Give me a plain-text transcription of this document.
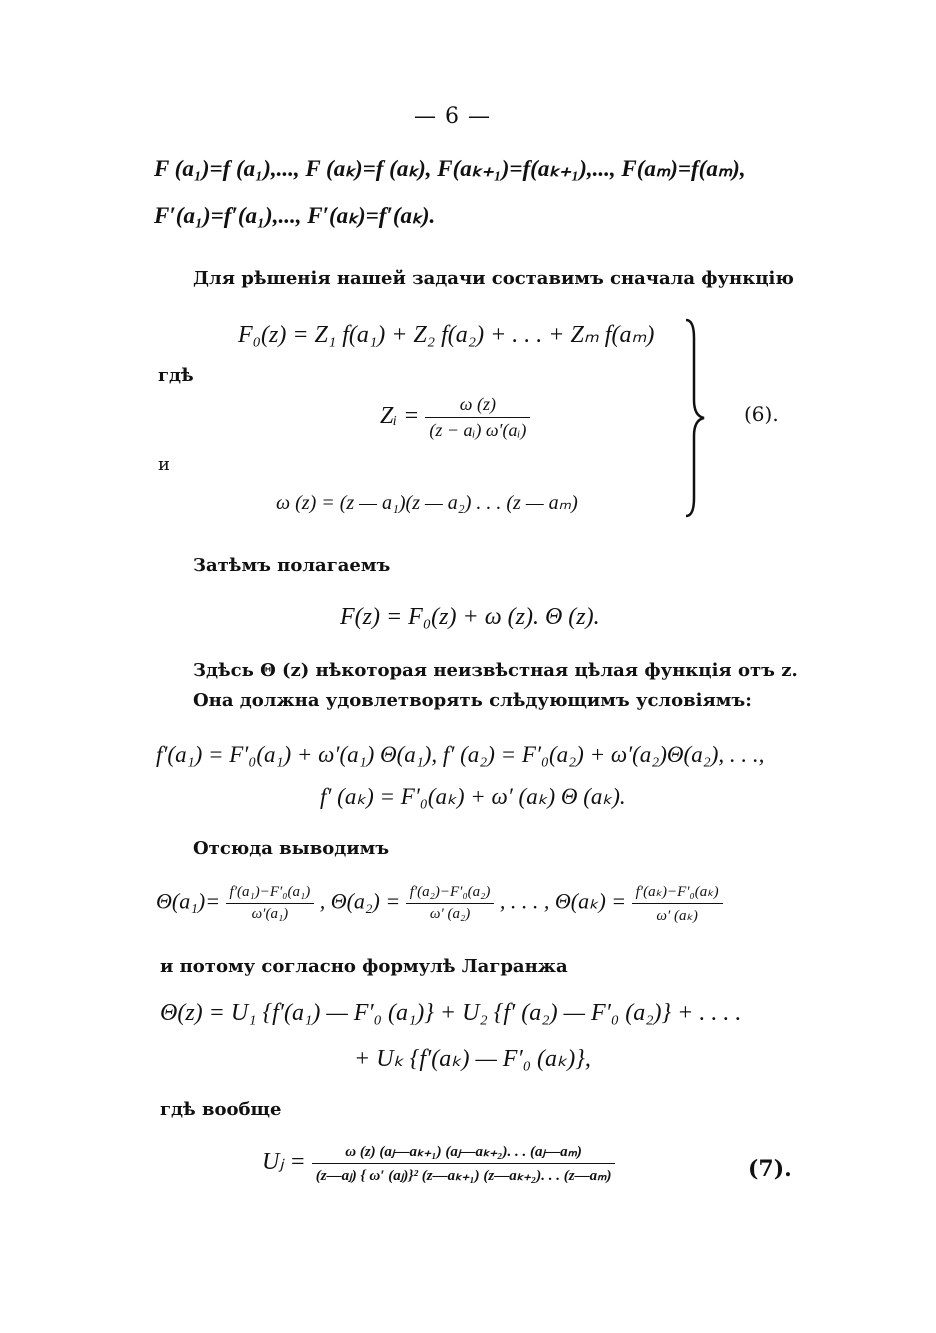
— 6 —
F (a₁)=f (a₁),..., F (aₖ)=f (aₖ), F(aₖ₊₁)=f(aₖ₊₁),..., F(aₘ)=f(aₘ),
F′(a₁)=f′(a₁),..., F′(aₖ)=f′(aₖ).
Для рѣшенія нашей задачи составимъ сначала функцію
F₀(z) = Z₁ f(a₁) + Z₂ f(a₂) + . . . + Zₘ f(aₘ)
гдѣ
Zᵢ = $\frac{\omega (z)}{\text{(z − aᵢ) ω′(aᵢ)}}$
и
ω (z) = (z — a₁)(z — a₂) . . . (z — aₘ)
(6).
Затѣмъ полагаемъ
F(z) = F₀(z) + ω (z). Θ (z).
Здѣсь Θ (z) нѣкоторая неизвѣстная цѣлая функція отъ z.
Она должна удовлетворять слѣдующимъ условіямъ:
f′(a₁) = F′₀(a₁) + ω′(a₁) Θ(a₁), f′ (a₂) = F′₀(a₂) + ω′(a₂)Θ(a₂), . . .,
f′ (aₖ) = F′₀(aₖ) + ω′ (aₖ) Θ (aₖ).
Отсюда выводимъ
$\Theta(a_1)= \frac{\text{f′(a₁)−F′₀(a₁)}}{\text{ω′(a₁)}}$ , $\Theta(a_2) = \frac{\text{f′(a₂)−F′₀(a₂)}}{\text{ω′ (a₂)}}$ , . . . , $\Theta(a_k) = \frac{\text{f′(aₖ)−F′₀(aₖ)}}{\text{ω′ (aₖ)}}$
и потому согласно формулѣ Лагранжа
Θ(z) = U₁ {f′(a₁) — F′₀ (a₁)} + U₂ {f′ (a₂) — F′₀ (a₂)} + . . . .
+ Uₖ {f′(aₖ) — F′₀ (aₖ)},
гдѣ вообще
Uⱼ = $\frac{\text{ω (z) (aⱼ—aₖ₊₁) (aⱼ—aₖ₊₂). . . (aⱼ—aₘ)}}{\text{(z—aⱼ) \{ ω′ (aⱼ)\}² (z—aₖ₊₁) (z—aₖ₊₂). . . (z—aₘ)}}$	(7).
